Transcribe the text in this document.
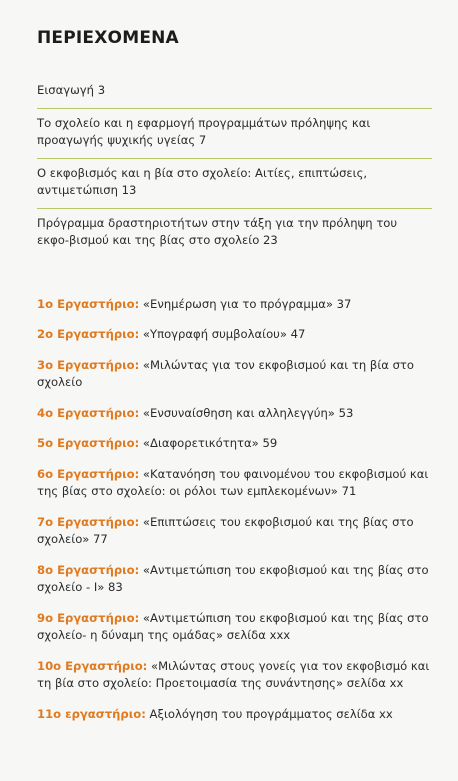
ΠΕΡΙΕΧΟΜΕΝΑ
Εισαγωγή 3
Το σχολείο και η εφαρμογή προγραμμάτων πρόληψης και προαγωγής ψυχικής υγείας 7
Ο εκφοβισμός και η βία στο σχολείο: Αιτίες, επιπτώσεις, αντιμετώπιση 13
Πρόγραμμα δραστηριοτήτων στην τάξη για την πρόληψη του εκφο-βισμού και της βίας στο σχολείο 23
1ο Εργαστήριο: «Ενημέρωση για το πρόγραμμα» 37
2ο Εργαστήριο: «Υπογραφή συμβολαίου» 47
3ο Εργαστήριο: «Μιλώντας για τον εκφοβισμού και τη βία στο σχολείο
4ο Εργαστήριο: «Ενσυναίσθηση και αλληλεγγύη» 53
5ο Εργαστήριο: «Διαφορετικότητα» 59
6ο Εργαστήριο: «Κατανόηση του φαινομένου του εκφοβισμού και της βίας στο σχολείο: οι ρόλοι των εμπλεκομένων» 71
7ο Εργαστήριο: «Επιπτώσεις του εκφοβισμού και της βίας στο σχολείο» 77
8ο Εργαστήριο: «Αντιμετώπιση του εκφοβισμού και της βίας στο σχολείο - Ι» 83
9ο Εργαστήριο: «Αντιμετώπιση του εκφοβισμού και της βίας στο σχολείο- η δύναμη της ομάδας» σελίδα xxx
10ο Εργαστήριο: «Μιλώντας στους γονείς για τον εκφοβισμό και τη βία στο σχολείο: Προετοιμασία της συνάντησης» σελίδα xx
11ο εργαστήριο: Αξιολόγηση του προγράμματος σελίδα xx
